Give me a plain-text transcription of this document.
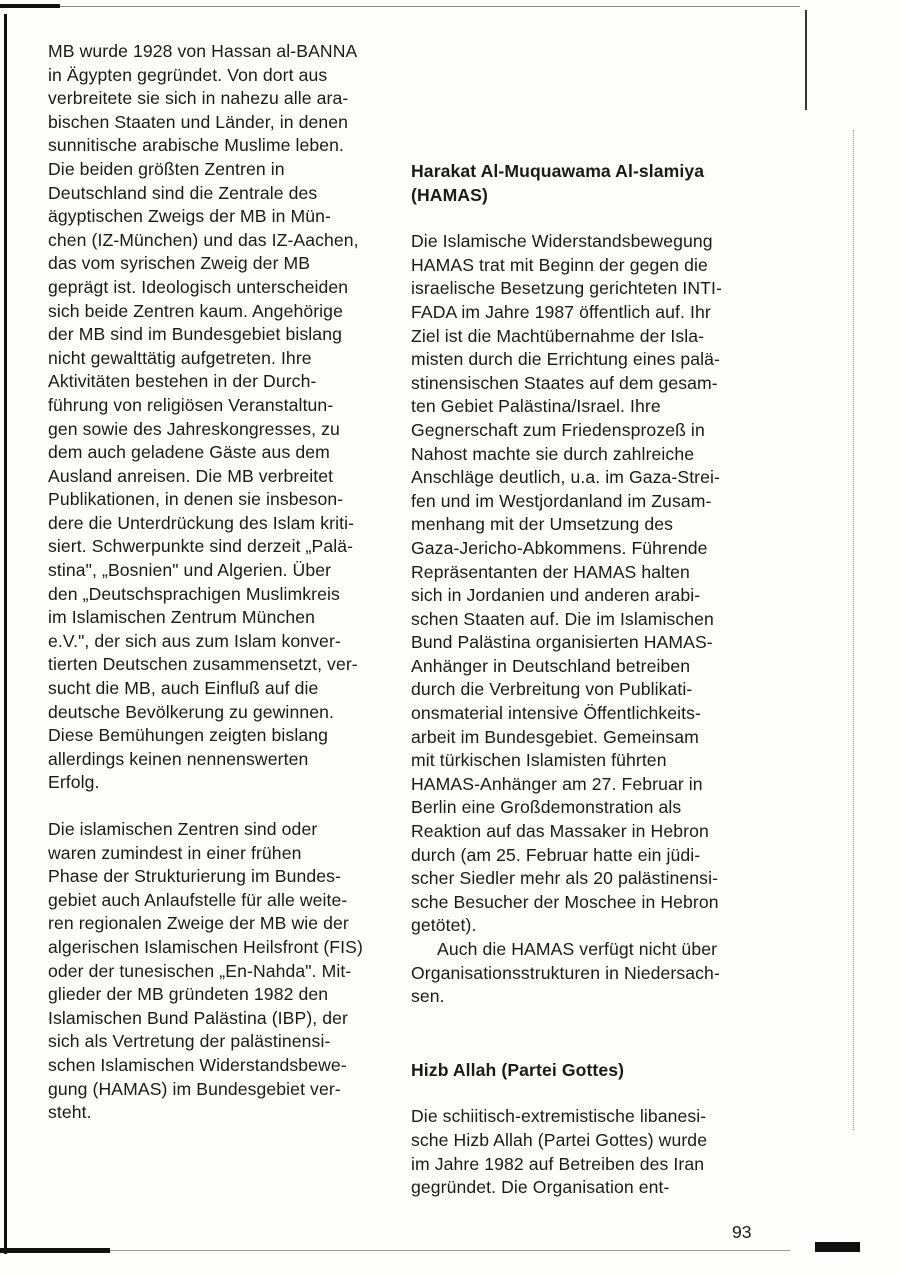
MB wurde 1928 von Hassan al-BANNA
in Ägypten gegründet. Von dort aus
verbreitete sie sich in nahezu alle ara-
bischen Staaten und Länder, in denen
sunnitische arabische Muslime leben.
Die beiden größten Zentren in
Deutschland sind die Zentrale des
ägyptischen Zweigs der MB in Mün-
chen (IZ-München) und das IZ-Aachen,
das vom syrischen Zweig der MB
geprägt ist. Ideologisch unterscheiden
sich beide Zentren kaum. Angehörige
der MB sind im Bundesgebiet bislang
nicht gewalttätig aufgetreten. Ihre
Aktivitäten bestehen in der Durch-
führung von religiösen Veranstaltun-
gen sowie des Jahreskongresses, zu
dem auch geladene Gäste aus dem
Ausland anreisen. Die MB verbreitet
Publikationen, in denen sie insbeson-
dere die Unterdrückung des Islam kriti-
siert. Schwerpunkte sind derzeit „Palä-
stina", „Bosnien" und Algerien. Über
den „Deutschsprachigen Muslimkreis
im Islamischen Zentrum München
e.V.", der sich aus zum Islam konver-
tierten Deutschen zusammensetzt, ver-
sucht die MB, auch Einfluß auf die
deutsche Bevölkerung zu gewinnen.
Diese Bemühungen zeigten bislang
allerdings keinen nennenswerten
Erfolg.

Die islamischen Zentren sind oder
waren zumindest in einer frühen
Phase der Strukturierung im Bundes-
gebiet auch Anlaufstelle für alle weite-
ren regionalen Zweige der MB wie der
algerischen Islamischen Heilsfront (FIS)
oder der tunesischen „En-Nahda". Mit-
glieder der MB gründeten 1982 den
Islamischen Bund Palästina (IBP), der
sich als Vertretung der palästinensi-
schen Islamischen Widerstandsbewe-
gung (HAMAS) im Bundesgebiet ver-
steht.

Harakat Al-Muquawama Al-slamiya
(HAMAS)

Die Islamische Widerstandsbewegung
HAMAS trat mit Beginn der gegen die
israelische Besetzung gerichteten INTI-
FADA im Jahre 1987 öffentlich auf. Ihr
Ziel ist die Machtübernahme der Isla-
misten durch die Errichtung eines palä-
stinensischen Staates auf dem gesam-
ten Gebiet Palästina/Israel. Ihre
Gegnerschaft zum Friedensprozeß in
Nahost machte sie durch zahlreiche
Anschläge deutlich, u.a. im Gaza-Strei-
fen und im Westjordanland im Zusam-
menhang mit der Umsetzung des
Gaza-Jericho-Abkommens. Führende
Repräsentanten der HAMAS halten
sich in Jordanien und anderen arabi-
schen Staaten auf. Die im Islamischen
Bund Palästina organisierten HAMAS-
Anhänger in Deutschland betreiben
durch die Verbreitung von Publikati-
onsmaterial intensive Öffentlichkeits-
arbeit im Bundesgebiet. Gemeinsam
mit türkischen Islamisten führten
HAMAS-Anhänger am 27. Februar in
Berlin eine Großdemonstration als
Reaktion auf das Massaker in Hebron
durch (am 25. Februar hatte ein jüdi-
scher Siedler mehr als 20 palästinensi-
sche Besucher der Moschee in Hebron
getötet).

Auch die HAMAS verfügt nicht über
Organisationsstrukturen in Niedersach-
sen.

Hizb Allah (Partei Gottes)

Die schiitisch-extremistische libanesi-
sche Hizb Allah (Partei Gottes) wurde
im Jahre 1982 auf Betreiben des Iran
gegründet. Die Organisation ent-

93
